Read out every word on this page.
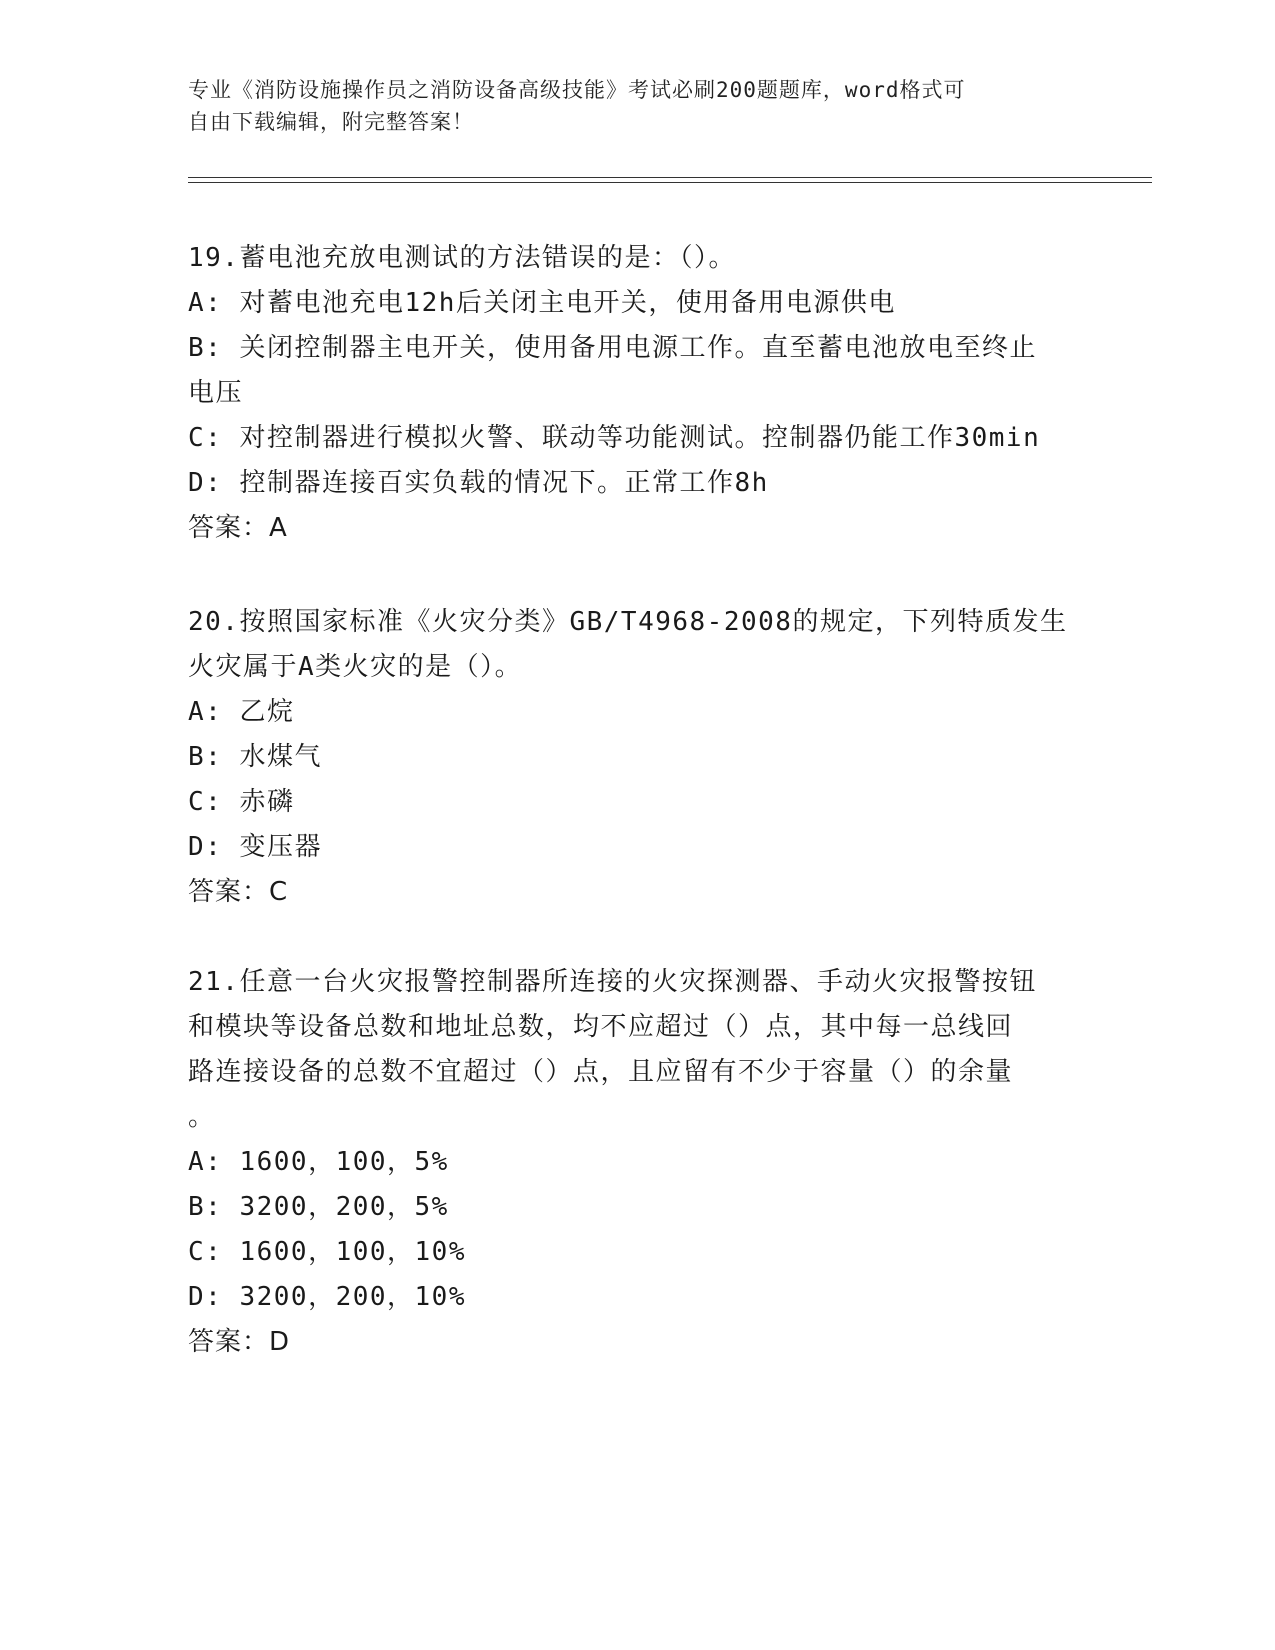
专业《消防设施操作员之消防设备高级技能》考试必刷200题题库，word格式可
自由下载编辑，附完整答案！
19.蓄电池充放电测试的方法错误的是：（）。
A: 对蓄电池充电12h后关闭主电开关，使用备用电源供电
B: 关闭控制器主电开关，使用备用电源工作。直至蓄电池放电至终止
电压
C: 对控制器进行模拟火警、联动等功能测试。控制器仍能工作30min
D: 控制器连接百实负载的情况下。正常工作8h
答案：A
20.按照国家标准《火灾分类》GB/T4968-2008的规定，下列特质发生
火灾属于A类火灾的是（）。
A: 乙烷
B: 水煤气
C: 赤磷
D: 变压器
答案：C
21.任意一台火灾报警控制器所连接的火灾探测器、手动火灾报警按钮
和模块等设备总数和地址总数，均不应超过（）点，其中每一总线回
路连接设备的总数不宜超过（）点，且应留有不少于容量（）的余量
。
A: 1600，100，5%
B: 3200，200，5%
C: 1600，100，10%
D: 3200，200，10%
答案：D
